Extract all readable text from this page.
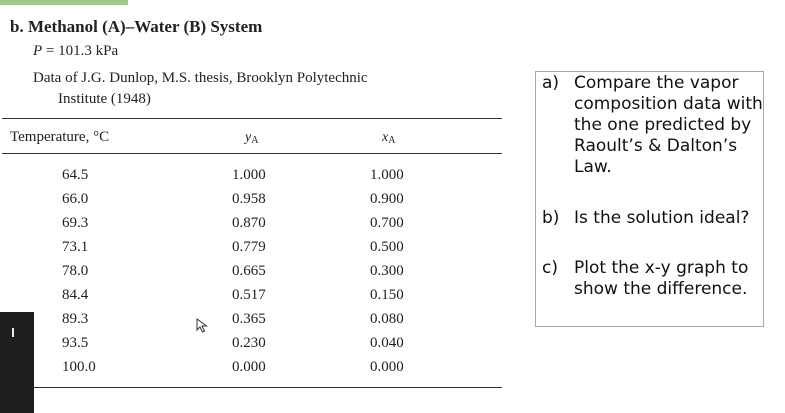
b. Methanol (A)–Water (B) System
P = 101.3 kPa
Data of J.G. Dunlop, M.S. thesis, Brooklyn Polytechnic
Institute (1948)
Temperature, °C	$y_A$	$x_A$
64.5	1.000	1.000
66.0	0.958	0.900
69.3	0.870	0.700
73.1	0.779	0.500
78.0	0.665	0.300
84.4	0.517	0.150
89.3	0.365	0.080
93.5	0.230	0.040
100.0	0.000	0.000
a) Compare the vapor composition data with the one predicted by Raoult’s & Dalton’s Law.
b) Is the solution ideal?
c) Plot the x-y graph to show the difference.
